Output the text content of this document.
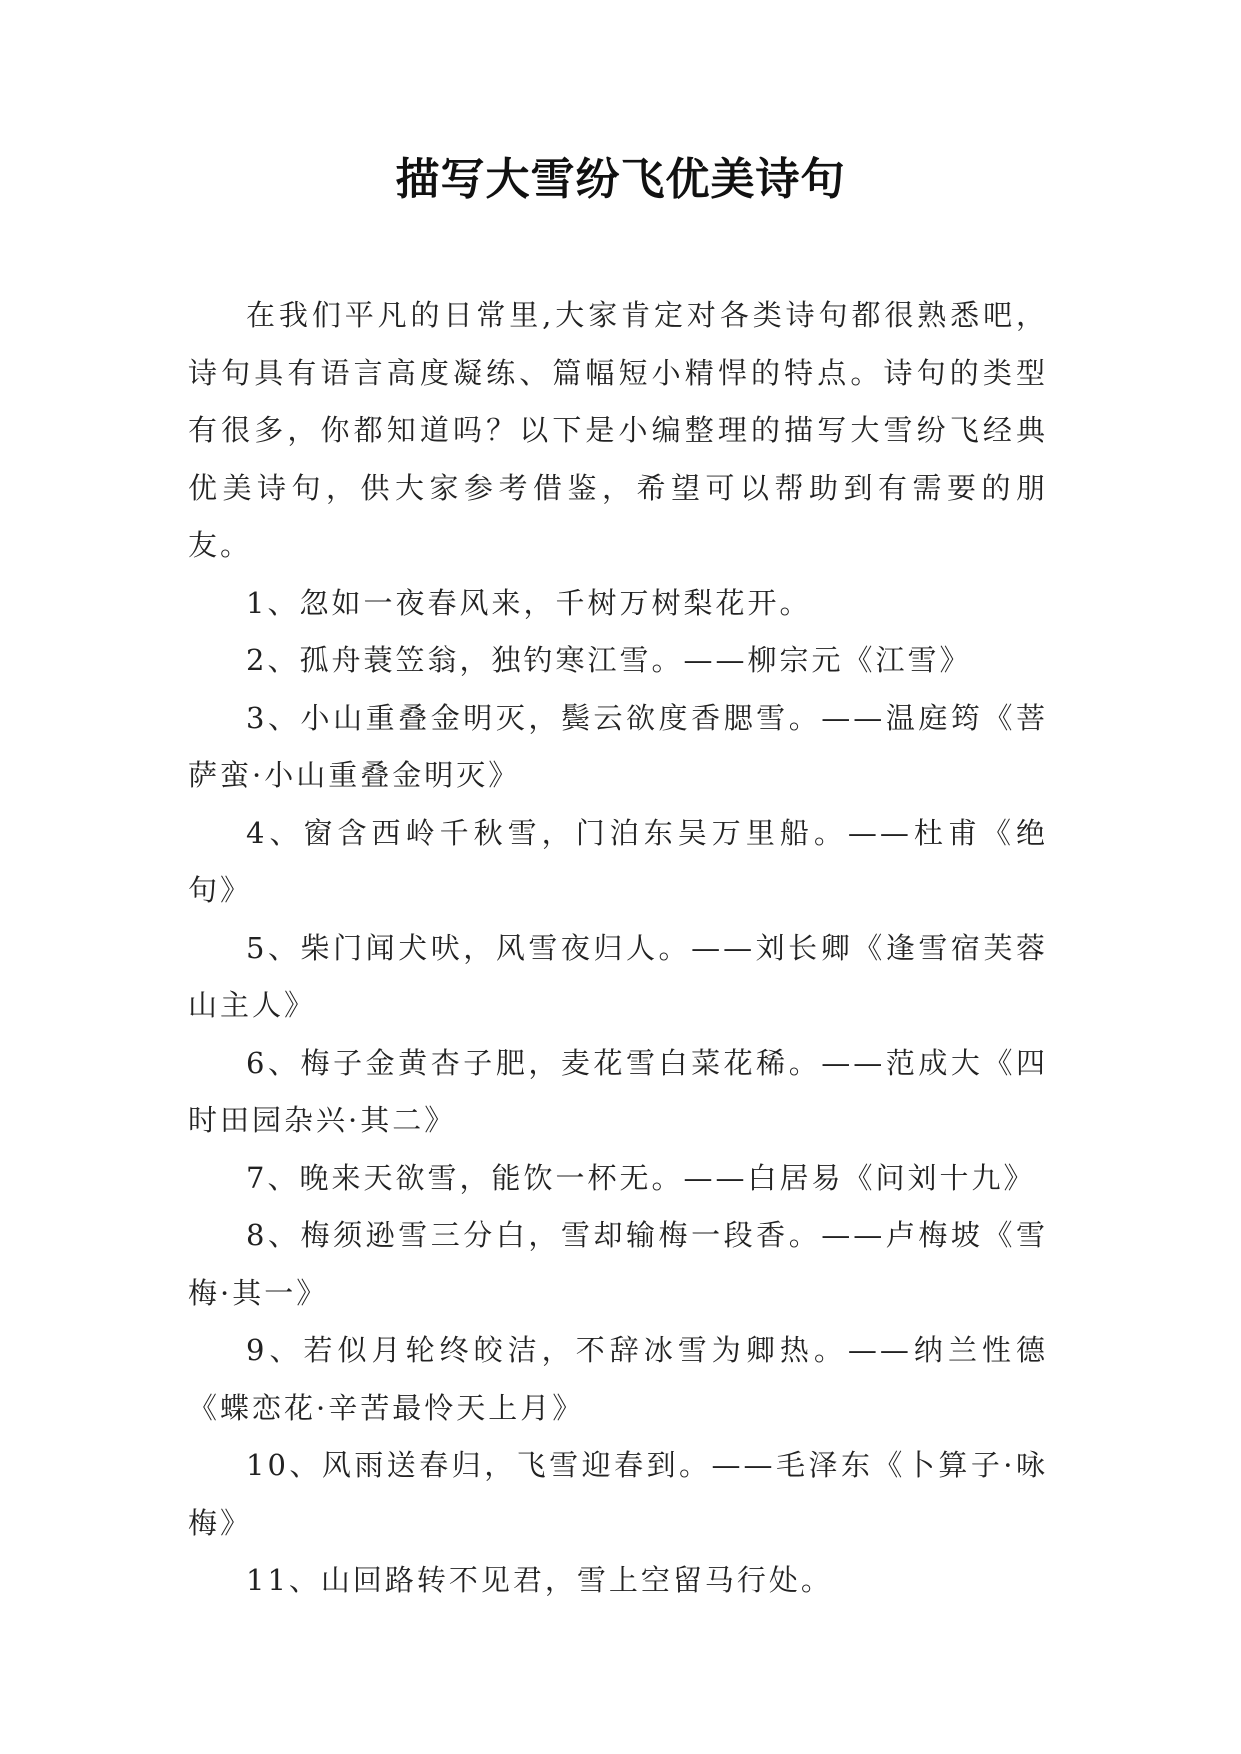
描写大雪纷飞优美诗句

在我们平凡的日常里,大家肯定对各类诗句都很熟悉吧，诗句具有语言高度凝练、篇幅短小精悍的特点。诗句的类型有很多，你都知道吗？以下是小编整理的描写大雪纷飞经典优美诗句，供大家参考借鉴，希望可以帮助到有需要的朋友。

1、忽如一夜春风来，千树万树梨花开。

2、孤舟蓑笠翁，独钓寒江雪。——柳宗元《江雪》

3、小山重叠金明灭，鬓云欲度香腮雪。——温庭筠《菩萨蛮·小山重叠金明灭》

4、窗含西岭千秋雪，门泊东吴万里船。——杜甫《绝句》

5、柴门闻犬吠，风雪夜归人。——刘长卿《逢雪宿芙蓉山主人》

6、梅子金黄杏子肥，麦花雪白菜花稀。——范成大《四时田园杂兴·其二》

7、晚来天欲雪，能饮一杯无。——白居易《问刘十九》

8、梅须逊雪三分白，雪却输梅一段香。——卢梅坡《雪梅·其一》

9、若似月轮终皎洁，不辞冰雪为卿热。——纳兰性德《蝶恋花·辛苦最怜天上月》

10、风雨送春归，飞雪迎春到。——毛泽东《卜算子·咏梅》

11、山回路转不见君，雪上空留马行处。
